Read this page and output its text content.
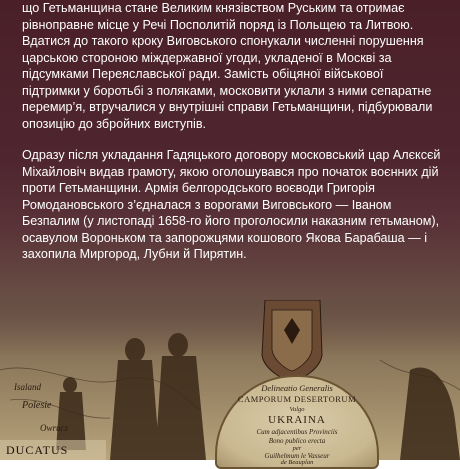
що Гетьманщина стане Великим князівством Руським та отримає рівноправне місце у Речі Посполитій поряд із Польщею та Литвою. Вдатися до такого кроку Виговського спонукали численні порушення царською стороною міждержавної угоди, укладеної в Москві за підсумками Переяславської ради. Замість обіцяної військової підтримки у боротьбі з поляками, московити уклали з ними сепаратне перемир’я, втручалися у внутрішні справи Гетьманщини, підбурювали опозицію до збройних виступів.

Одразу після укладання Гадяцького договору московський цар Алєксєй Міхайловіч видав грамоту, якою оголошувався про початок воєнних дій проти Гетьманщини. Армія белгородського воєводи Григорія Ромодановського з’єдналася з ворогами Виговського — Іваном Безпалим (у листопаді 1658-го його проголосили наказним гетьманом), осавулом Вороньком та запорожцями кошового Якова Барабаша — і захопила Миргород, Лубни й Пирятин.

Isaland
Polesie
Owrucz
Delineatio Generalis
CAMPORUM DESERTORUM
Vulgo
UKRAINA
Cum adjacentibus Provinciis
Bono publico erecta
per
Guilhelmum le Vasseur
de Beauplan
DUCATUS
